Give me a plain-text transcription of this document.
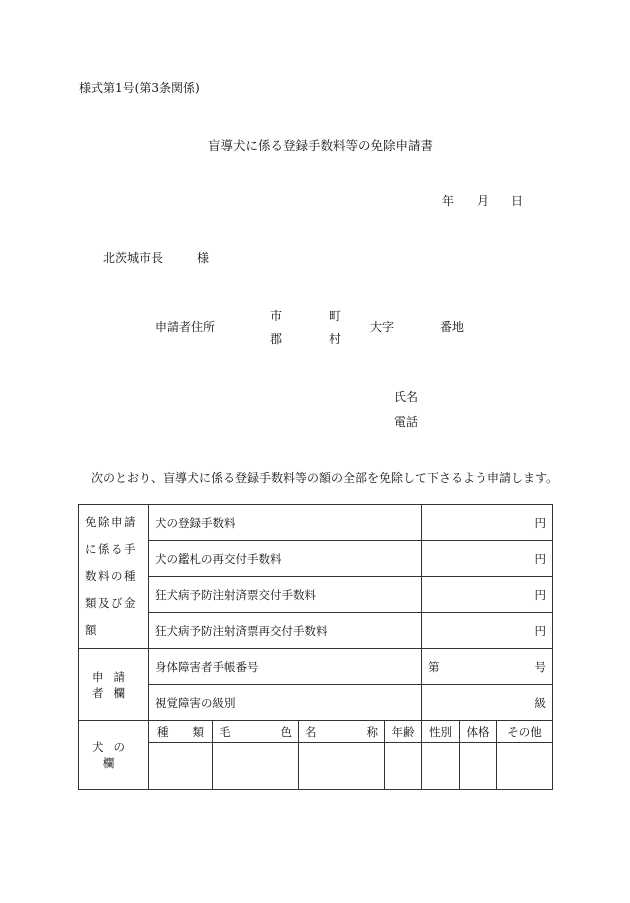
様式第1号(第3条関係)
盲導犬に係る登録手数料等の免除申請書
年 月 日
北茨城市長	様
申請者住所
市
郡
町
村
大字	番地
氏名
電話
次のとおり、盲導犬に係る登録手数料等の額の全部を免除して下さるよう申請します。
免除申請に係る手数料の種類及び金額	犬の登録手数料				円		
	犬の鑑札の再交付手数料				円		
	狂犬病予防注射済票交付手数料				円		
	狂犬病予防注射済票再交付手数料				円		
申請者欄	身体障害者手帳番号				第 号		

	視覚障害の級別				級		
犬の欄	種 類	毛 色	名 称	年齢	性別	体格	その他
